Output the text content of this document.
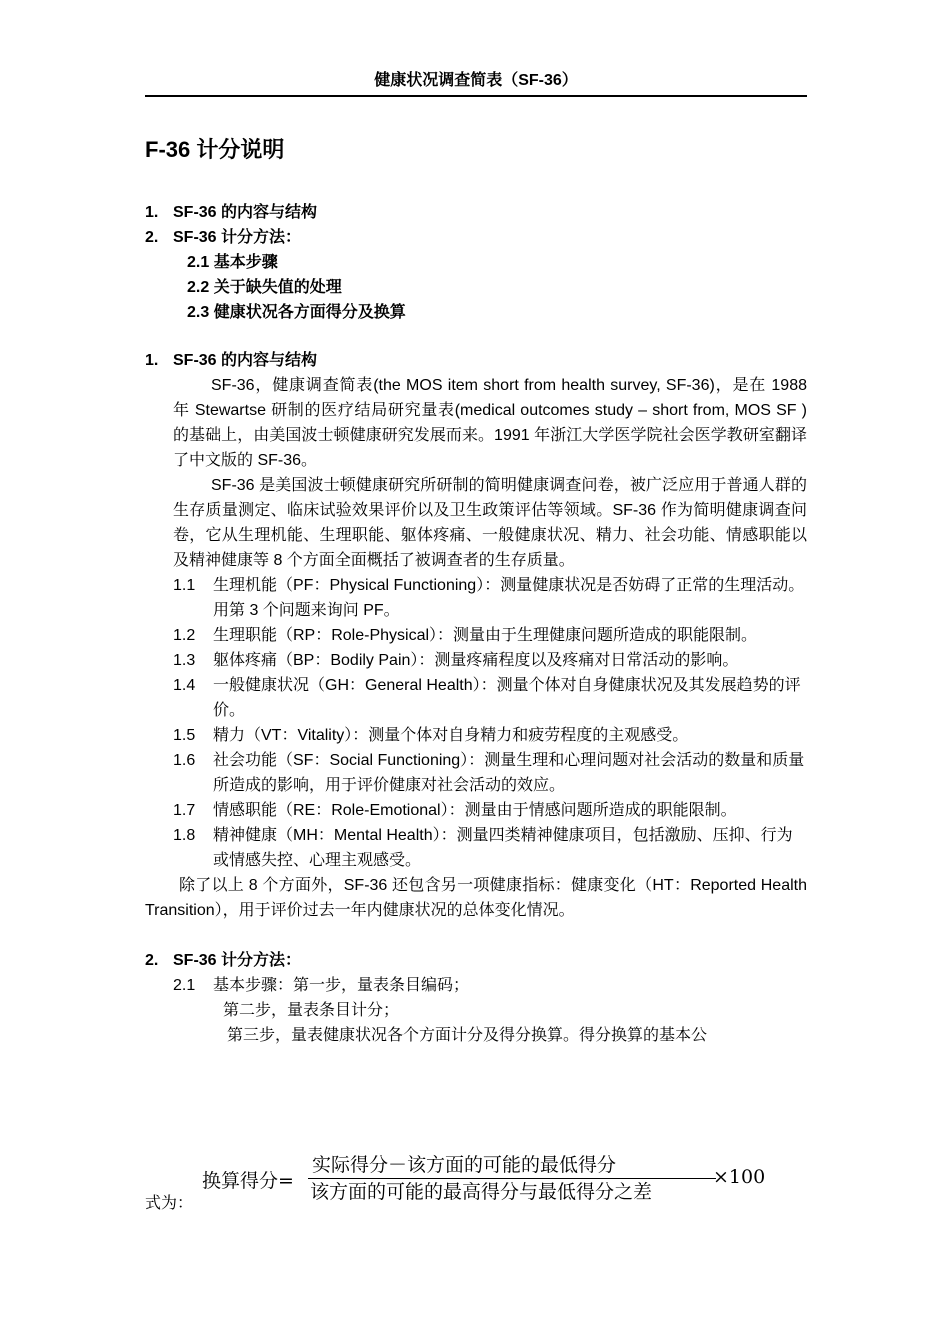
健康状况调查简表（SF-36）
F-36 计分说明
1. SF-36 的内容与结构
2. SF-36 计分方法：
2.1 基本步骤
2.2 关于缺失值的处理
2.3 健康状况各方面得分及换算
1. SF-36 的内容与结构

SF-36，健康调查简表(the MOS item short from health survey, SF-36)，是在 1988 年 Stewartse 研制的医疗结局研究量表(medical outcomes study – short from, MOS SF )的基础上，由美国波士顿健康研究发展而来。1991 年浙江大学医学院社会医学教研室翻译了中文版的 SF-36。

SF-36 是美国波士顿健康研究所研制的简明健康调查问卷，被广泛应用于普通人群的生存质量测定、临床试验效果评价以及卫生政策评估等领域。SF-36 作为简明健康调查问卷，它从生理机能、生理职能、躯体疼痛、一般健康状况、精力、社会功能、情感职能以及精神健康等 8 个方面全面概括了被调查者的生存质量。

1.1 生理机能（PF：Physical Functioning）：测量健康状况是否妨碍了正常的生理活动。用第 3 个问题来询问 PF。
1.2 生理职能（RP：Role-Physical）：测量由于生理健康问题所造成的职能限制。
1.3 躯体疼痛（BP：Bodily Pain）：测量疼痛程度以及疼痛对日常活动的影响。
1.4 一般健康状况（GH：General Health）：测量个体对自身健康状况及其发展趋势的评价。
1.5 精力（VT：Vitality）：测量个体对自身精力和疲劳程度的主观感受。
1.6 社会功能（SF：Social Functioning）：测量生理和心理问题对社会活动的数量和质量所造成的影响，用于评价健康对社会活动的效应。
1.7 情感职能（RE：Role-Emotional）：测量由于情感问题所造成的职能限制。
1.8 精神健康（MH：Mental Health）：测量四类精神健康项目，包括激励、压抑、行为或情感失控、心理主观感受。

除了以上 8 个方面外，SF-36 还包含另一项健康指标：健康变化（HT：Reported Health Transition），用于评价过去一年内健康状况的总体变化情况。

2. SF-36 计分方法：
2.1 基本步骤：第一步，量表条目编码；
第二步，量表条目计分；
第三步，量表健康状况各个方面计分及得分换算。得分换算的基本公
式为：
换算得分=
实际得分－该方面的可能的最低得分
该方面的可能的最高得分与最低得分之差
×100
